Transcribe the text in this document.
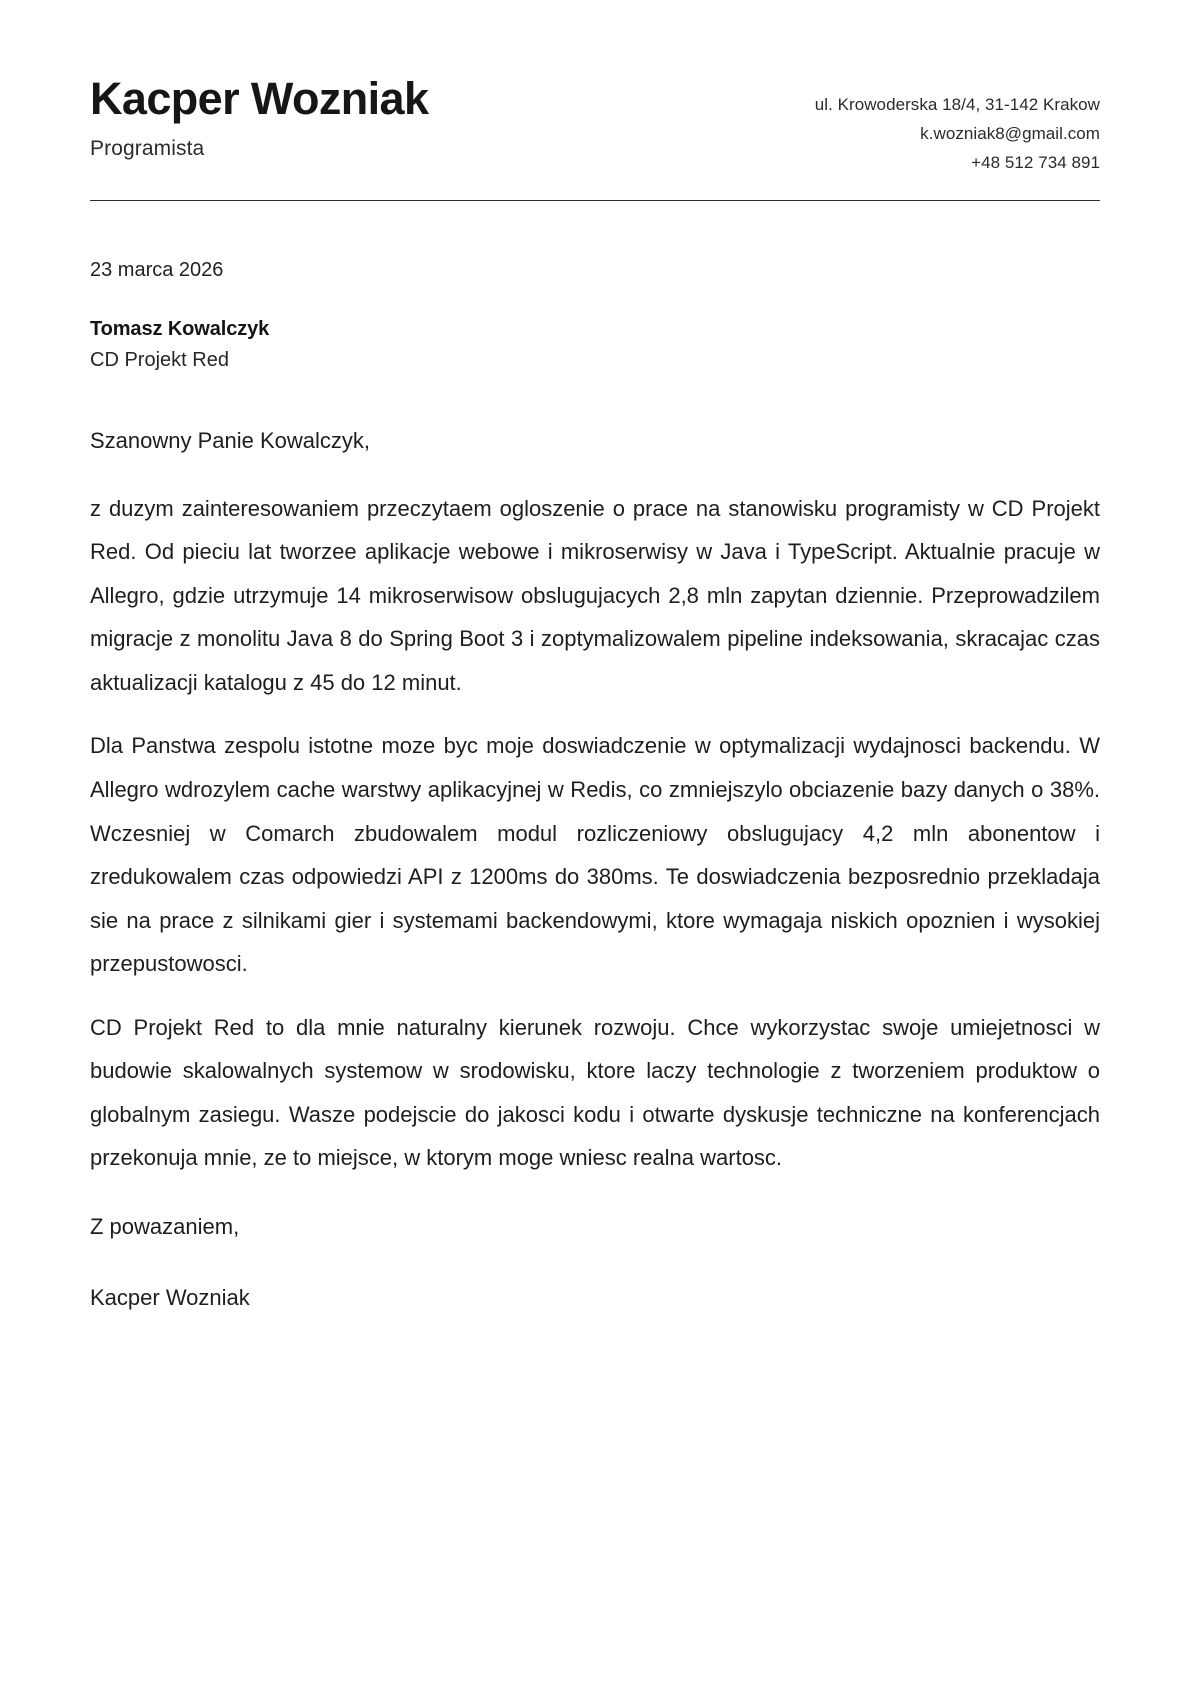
Kacper Wozniak

Programista

ul. Krowoderska 18/4, 31-142 Krakow
k.wozniak8@gmail.com
+48 512 734 891

23 marca 2026

Tomasz Kowalczyk

CD Projekt Red

Szanowny Panie Kowalczyk,

z duzym zainteresowaniem przeczytaem ogloszenie o prace na stanowisku programisty w CD Projekt Red. Od pieciu lat tworzee aplikacje webowe i mikroserwisy w Java i TypeScript. Aktualnie pracuje w Allegro, gdzie utrzymuje 14 mikroserwisow obslugujacych 2,8 mln zapytan dziennie. Przeprowadzilem migracje z monolitu Java 8 do Spring Boot 3 i zoptymalizowalem pipeline indeksowania, skracajac czas aktualizacji katalogu z 45 do 12 minut.

Dla Panstwa zespolu istotne moze byc moje doswiadczenie w optymalizacji wydajnosci backendu. W Allegro wdrozylem cache warstwy aplikacyjnej w Redis, co zmniejszylo obciazenie bazy danych o 38%. Wczesniej w Comarch zbudowalem modul rozliczeniowy obslugujacy 4,2 mln abonentow i zredukowalem czas odpowiedzi API z 1200ms do 380ms. Te doswiadczenia bezposrednio przekladaja sie na prace z silnikami gier i systemami backendowymi, ktore wymagaja niskich opoznien i wysokiej przepustowosci.

CD Projekt Red to dla mnie naturalny kierunek rozwoju. Chce wykorzystac swoje umiejetnosci w budowie skalowalnych systemow w srodowisku, ktore laczy technologie z tworzeniem produktow o globalnym zasiegu. Wasze podejscie do jakosci kodu i otwarte dyskusje techniczne na konferencjach przekonuja mnie, ze to miejsce, w ktorym moge wniesc realna wartosc.

Z powazaniem,

Kacper Wozniak
